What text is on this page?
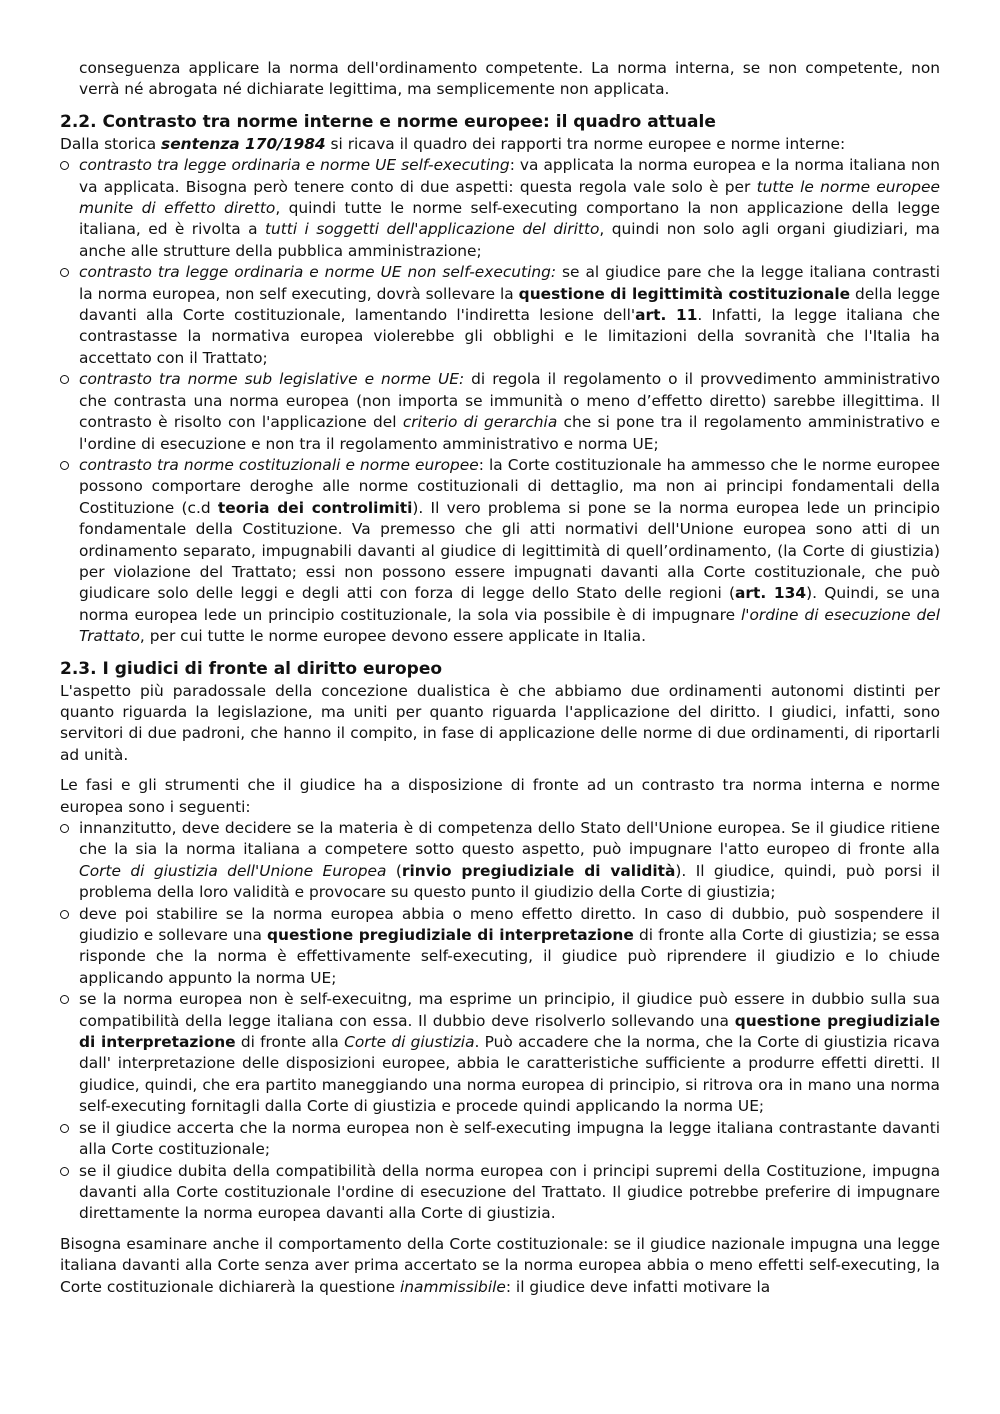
conseguenza applicare la norma dell'ordinamento competente. La norma interna, se non competente, non verrà né abrogata né dichiarate legittima, ma semplicemente non applicata.

2.2. Contrasto tra norme interne e norme europee: il quadro attuale

Dalla storica sentenza 170/1984 si ricava il quadro dei rapporti tra norme europee e norme interne:

contrasto tra legge ordinaria e norme UE self-executing: va applicata la norma europea e la norma italiana non va applicata. Bisogna però tenere conto di due aspetti: questa regola vale solo è per tutte le norme europee munite di effetto diretto, quindi tutte le norme self-executing comportano la non applicazione della legge italiana, ed è rivolta a tutti i soggetti dell'applicazione del diritto, quindi non solo agli organi giudiziari, ma anche alle strutture della pubblica amministrazione;
contrasto tra legge ordinaria e norme UE non self-executing: se al giudice pare che la legge italiana contrasti la norma europea, non self executing, dovrà sollevare la questione di legittimità costituzionale della legge davanti alla Corte costituzionale, lamentando l'indiretta lesione dell'art. 11. Infatti, la legge italiana che contrastasse la normativa europea violerebbe gli obblighi e le limitazioni della sovranità che l'Italia ha accettato con il Trattato;
contrasto tra norme sub legislative e norme UE: di regola il regolamento o il provvedimento amministrativo che contrasta una norma europea (non importa se immunità o meno d’effetto diretto) sarebbe illegittima. Il contrasto è risolto con l'applicazione del criterio di gerarchia che si pone tra il regolamento amministrativo e l'ordine di esecuzione e non tra il regolamento amministrativo e norma UE;
contrasto tra norme costituzionali e norme europee: la Corte costituzionale ha ammesso che le norme europee possono comportare deroghe alle norme costituzionali di dettaglio, ma non ai principi fondamentali della Costituzione (c.d teoria dei controlimiti). Il vero problema si pone se la norma europea lede un principio fondamentale della Costituzione. Va premesso che gli atti normativi dell'Unione europea sono atti di un ordinamento separato, impugnabili davanti al giudice di legittimità di quell’ordinamento, (la Corte di giustizia) per violazione del Trattato; essi non possono essere impugnati davanti alla Corte costituzionale, che può giudicare solo delle leggi e degli atti con forza di legge dello Stato delle regioni (art. 134). Quindi, se una norma europea lede un principio costituzionale, la sola via possibile è di impugnare l'ordine di esecuzione del Trattato, per cui tutte le norme europee devono essere applicate in Italia.
2.3. I giudici di fronte al diritto europeo

L'aspetto più paradossale della concezione dualistica è che abbiamo due ordinamenti autonomi distinti per quanto riguarda la legislazione, ma uniti per quanto riguarda l'applicazione del diritto. I giudici, infatti, sono servitori di due padroni, che hanno il compito, in fase di applicazione delle norme di due ordinamenti, di riportarli ad unità.

Le fasi e gli strumenti che il giudice ha a disposizione di fronte ad un contrasto tra norma interna e norme europea sono i seguenti:

innanzitutto, deve decidere se la materia è di competenza dello Stato dell'Unione europea. Se il giudice ritiene che la sia la norma italiana a competere sotto questo aspetto, può impugnare l'atto europeo di fronte alla Corte di giustizia dell'Unione Europea (rinvio pregiudiziale di validità). Il giudice, quindi, può porsi il problema della loro validità e provocare su questo punto il giudizio della Corte di giustizia;
deve poi stabilire se la norma europea abbia o meno effetto diretto. In caso di dubbio, può sospendere il giudizio e sollevare una questione pregiudiziale di interpretazione di fronte alla Corte di giustizia; se essa risponde che la norma è effettivamente self-executing, il giudice può riprendere il giudizio e lo chiude applicando appunto la norma UE;
se la norma europea non è self-execuitng, ma esprime un principio, il giudice può essere in dubbio sulla sua compatibilità della legge italiana con essa. Il dubbio deve risolverlo sollevando una questione pregiudiziale di interpretazione di fronte alla Corte di giustizia. Può accadere che la norma, che la Corte di giustizia ricava dall' interpretazione delle disposizioni europee, abbia le caratteristiche sufficiente a produrre effetti diretti. Il giudice, quindi, che era partito maneggiando una norma europea di principio, si ritrova ora in mano una norma self-executing fornitagli dalla Corte di giustizia e procede quindi applicando la norma UE;
se il giudice accerta che la norma europea non è self-executing impugna la legge italiana contrastante davanti alla Corte costituzionale;
se il giudice dubita della compatibilità della norma europea con i principi supremi della Costituzione, impugna davanti alla Corte costituzionale l'ordine di esecuzione del Trattato. Il giudice potrebbe preferire di impugnare direttamente la norma europea davanti alla Corte di giustizia.

Bisogna esaminare anche il comportamento della Corte costituzionale: se il giudice nazionale impugna una legge italiana davanti alla Corte senza aver prima accertato se la norma europea abbia o meno effetti self-executing, la Corte costituzionale dichiarerà la questione inammissibile: il giudice deve infatti motivare la
